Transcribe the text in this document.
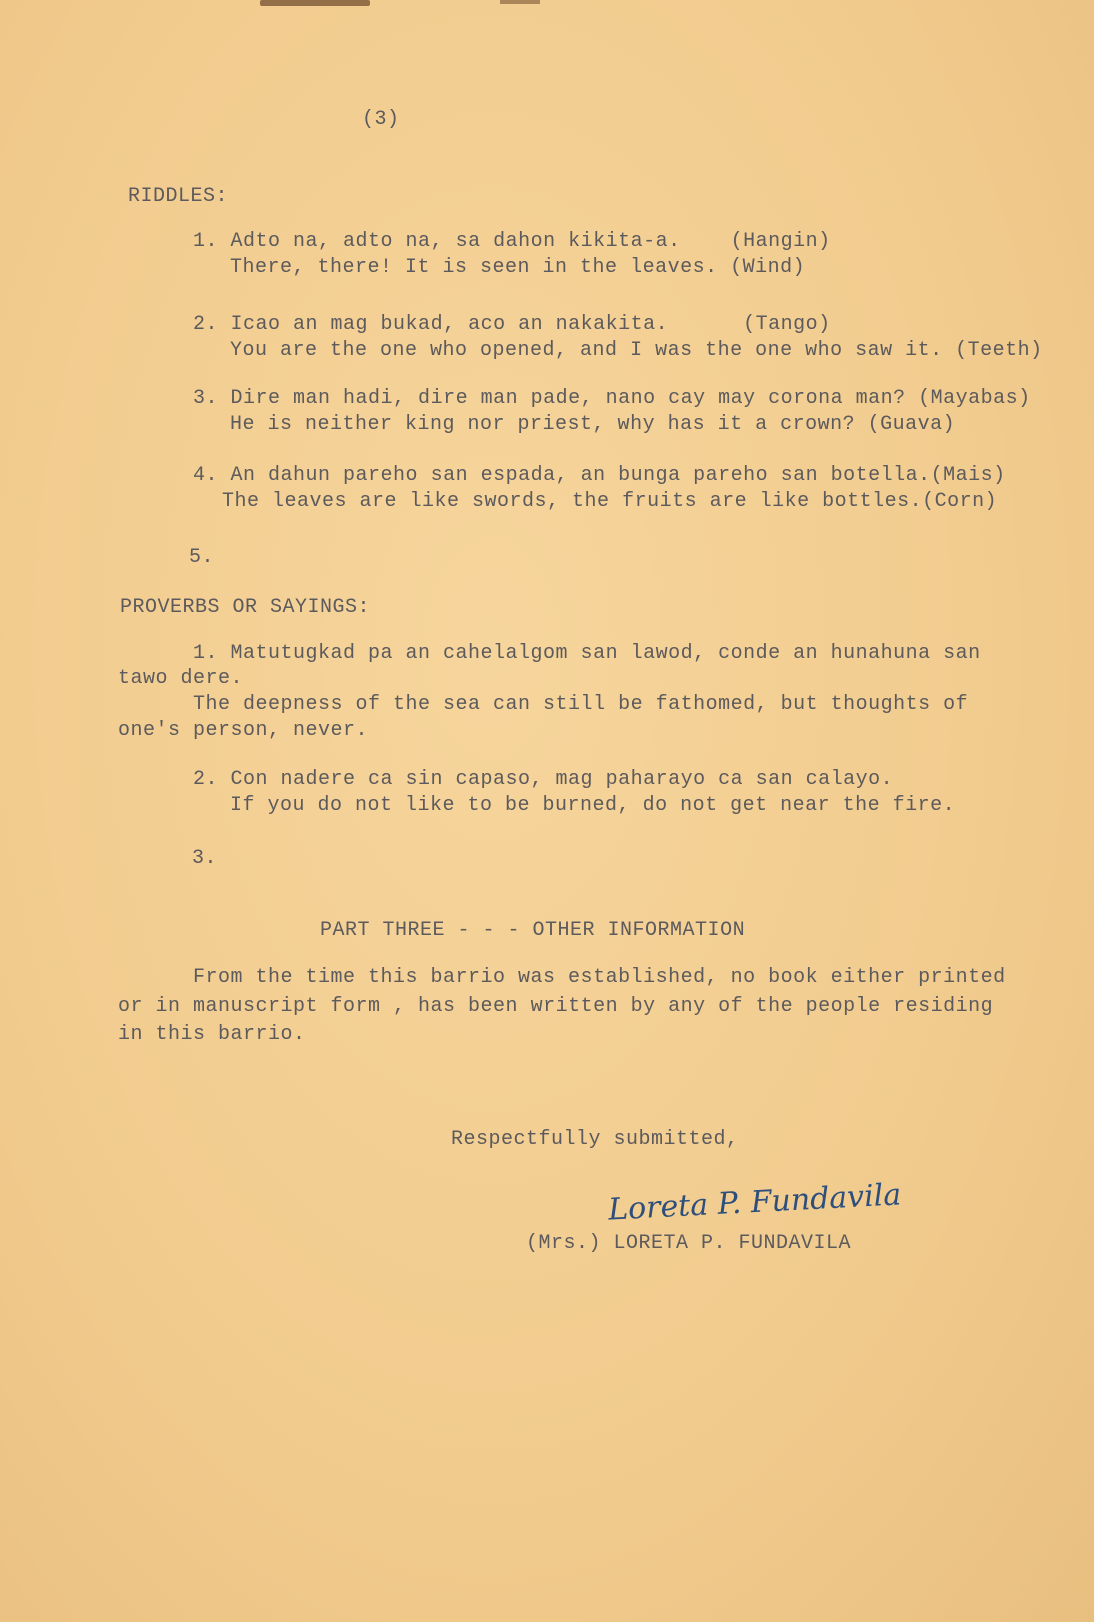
(3)
RIDDLES:
1. Adto na, adto na, sa dahon kikita-a.	(Hangin)
There, there! It is seen in the leaves. (Wind)
2. Icao an mag bukad, aco an nakakita.	(Tango)
You are the one who opened, and I was the one who saw it. (Teeth)
3. Dire man hadi, dire man pade, nano cay may corona man? (Mayabas)
He is neither king nor priest, why has it a crown? (Guava)
4. An dahun pareho san espada, an bunga pareho san botella.(Mais)
The leaves are like swords, the fruits are like bottles.(Corn)
5.
PROVERBS OR SAYINGS:
1. Matutugkad pa an cahelalgom san lawod, conde an hunahuna san
tawo dere.
The deepness of the sea can still be fathomed, but thoughts of
one's person, never.
2. Con nadere ca sin capaso, mag paharayo ca san calayo.
If you do not like to be burned, do not get near the fire.
3.
PART THREE - - - OTHER INFORMATION
From the time this barrio was established, no book either printed
or in manuscript form , has been written by any of the people residing
in this barrio.
Respectfully submitted,
Loreta P. Fundavila
(Mrs.) LORETA P. FUNDAVILA
